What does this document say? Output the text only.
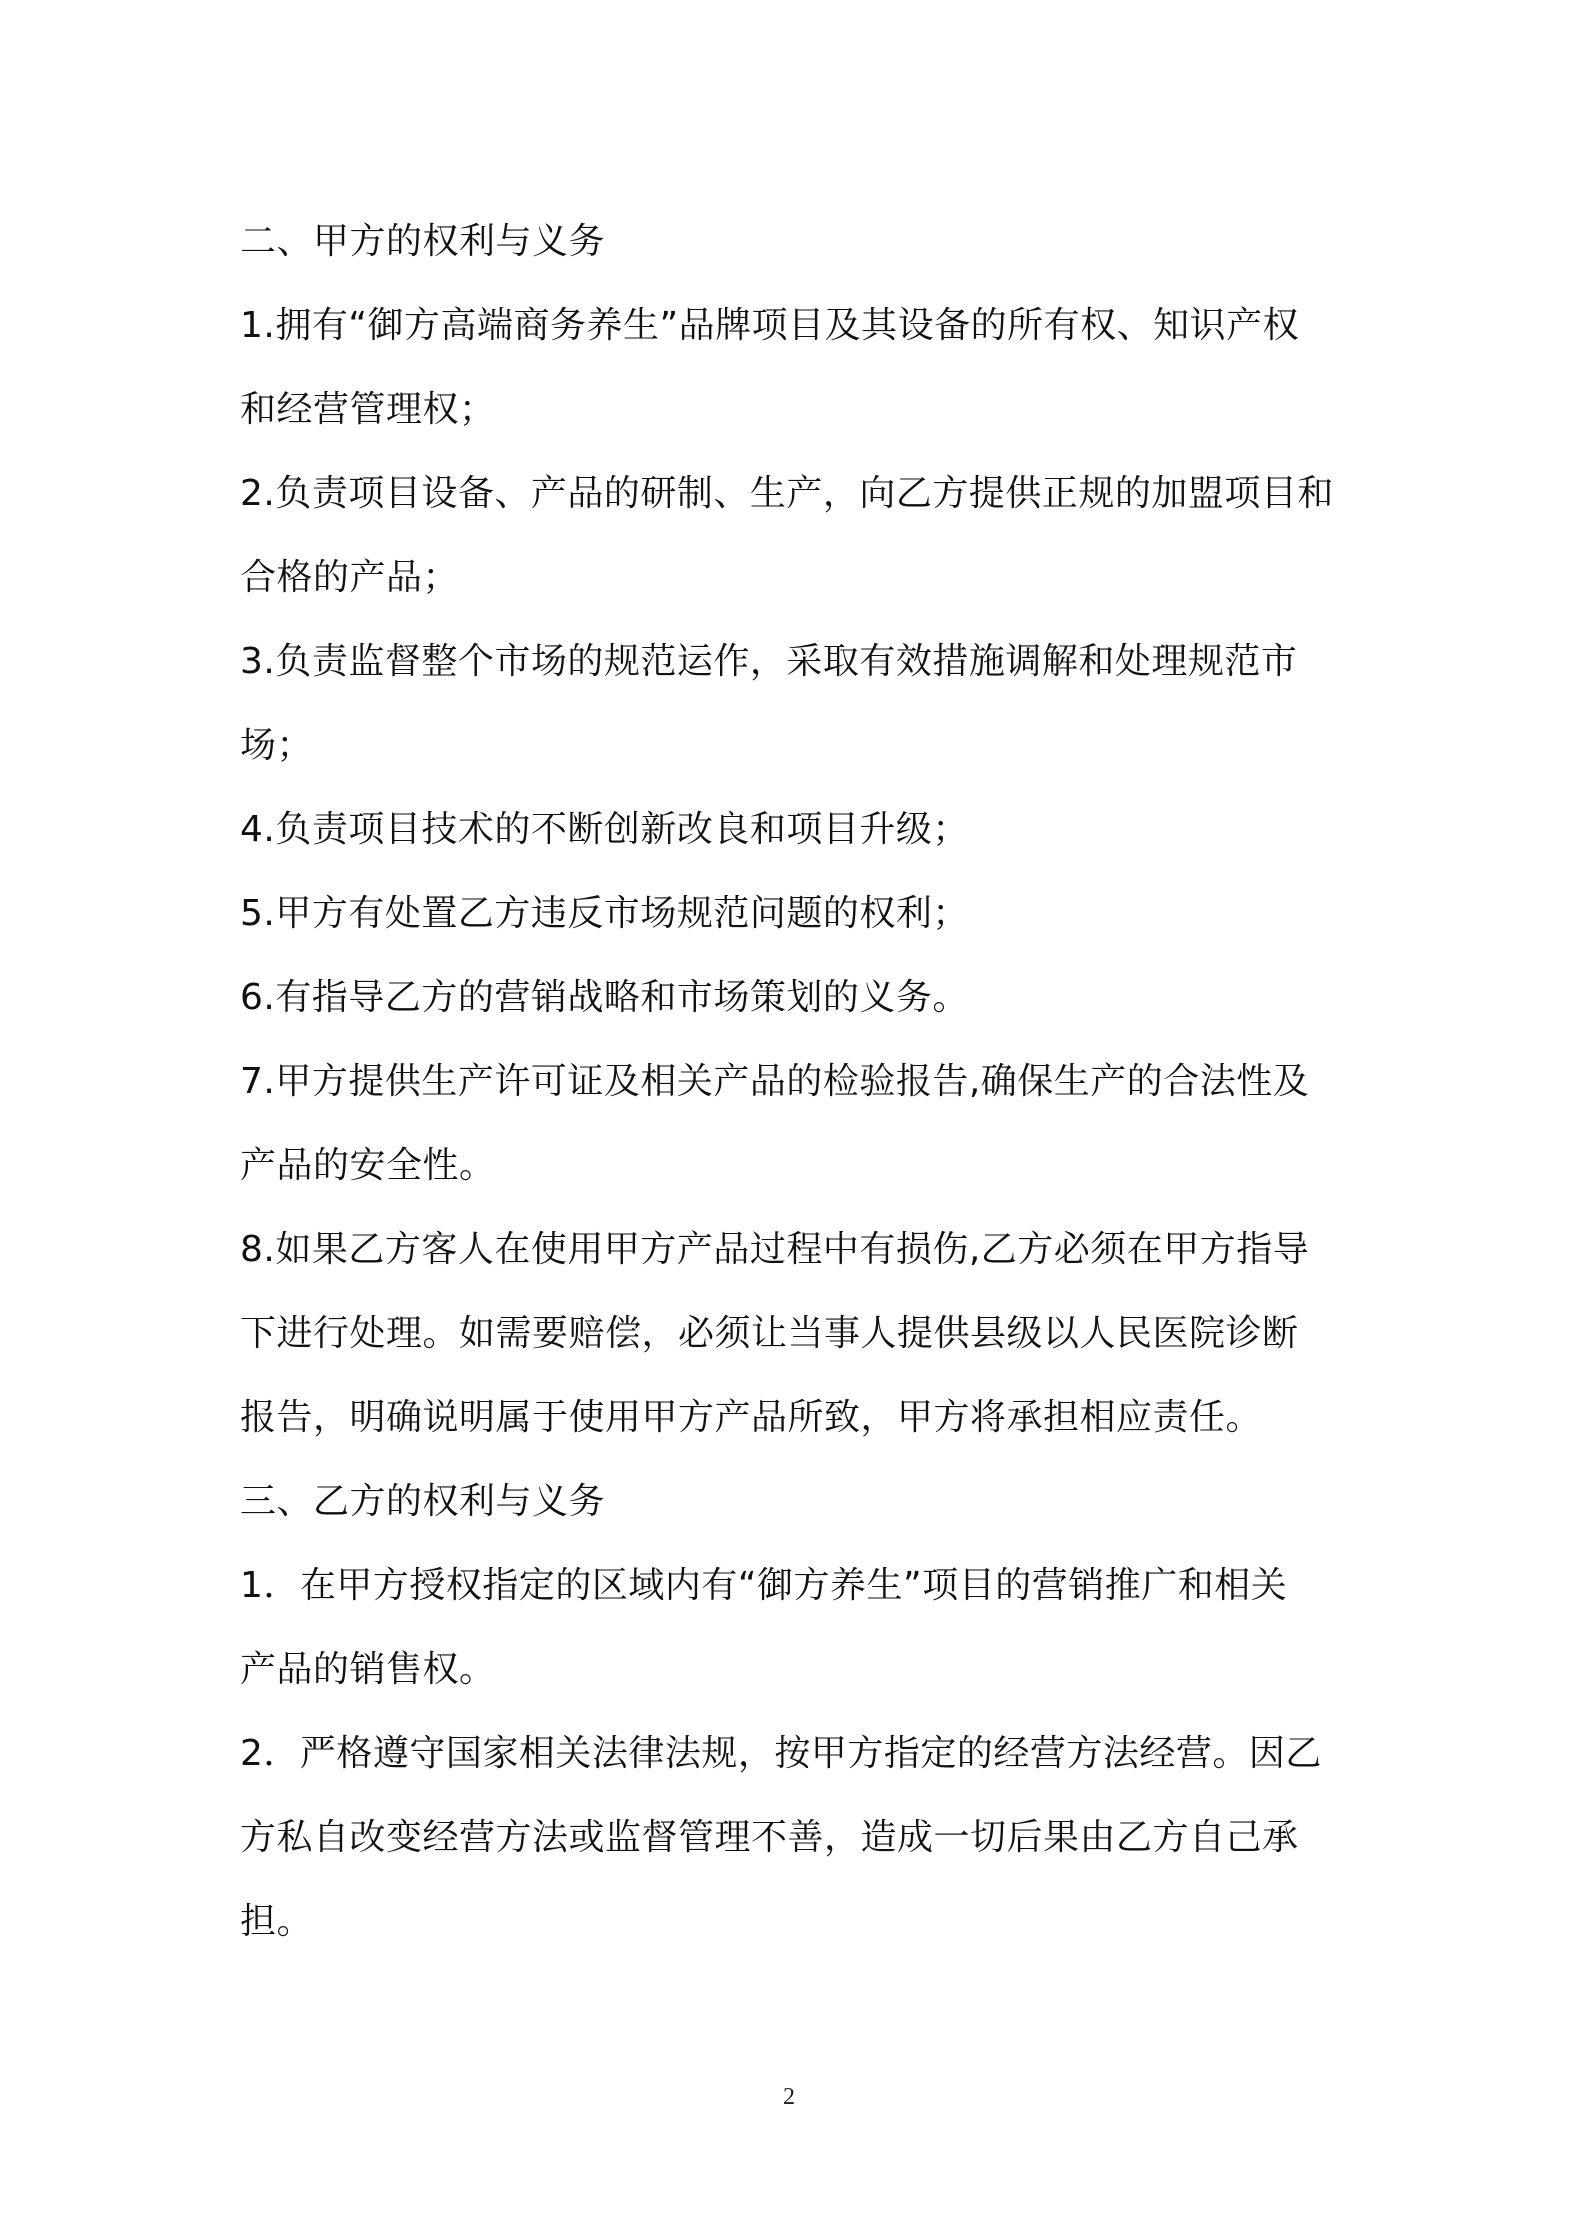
二、甲方的权利与义务
1.拥有“御方高端商务养生”品牌项目及其设备的所有权、知识产权
和经营管理权；
2.负责项目设备、产品的研制、生产，向乙方提供正规的加盟项目和
合格的产品；
3.负责监督整个市场的规范运作，采取有效措施调解和处理规范市
场；
4.负责项目技术的不断创新改良和项目升级；
5.甲方有处置乙方违反市场规范问题的权利；
6.有指导乙方的营销战略和市场策划的义务。
7.甲方提供生产许可证及相关产品的检验报告,确保生产的合法性及
产品的安全性。
8.如果乙方客人在使用甲方产品过程中有损伤,乙方必须在甲方指导
下进行处理。如需要赔偿，必须让当事人提供县级以人民医院诊断
报告，明确说明属于使用甲方产品所致，甲方将承担相应责任。
三、乙方的权利与义务
1．在甲方授权指定的区域内有“御方养生”项目的营销推广和相关
产品的销售权。
2．严格遵守国家相关法律法规，按甲方指定的经营方法经营。因乙
方私自改变经营方法或监督管理不善，造成一切后果由乙方自己承
担。
2
